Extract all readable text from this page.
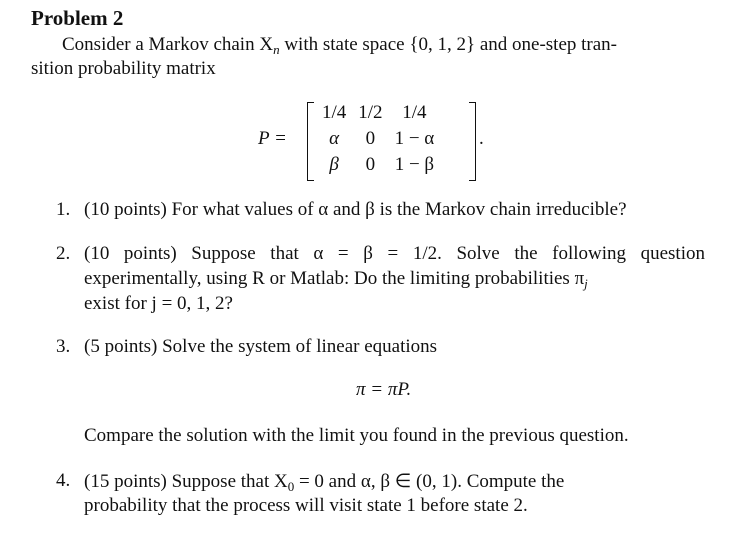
Problem 2
Consider a Markov chain $X_n$ with state space {0, 1, 2} and one-step tran-
sition probability matrix
P =
1/4	1/2	1/4
α	0	1 − α
β	0	1 − β
.
1. (10 points) For what values of α and β is the Markov chain irreducible?
2. (10 points) Suppose that α = β = 1/2. Solve the following question
experimentally, using R or Matlab: Do the limiting probabilities $\pi_j$
exist for j = 0, 1, 2?
3. (5 points) Solve the system of linear equations
π = πP.
Compare the solution with the limit you found in the previous question.
4. (15 points) Suppose that $X_0 = 0$ and α, β ∈ (0, 1). Compute the
probability that the process will visit state 1 before state 2.
